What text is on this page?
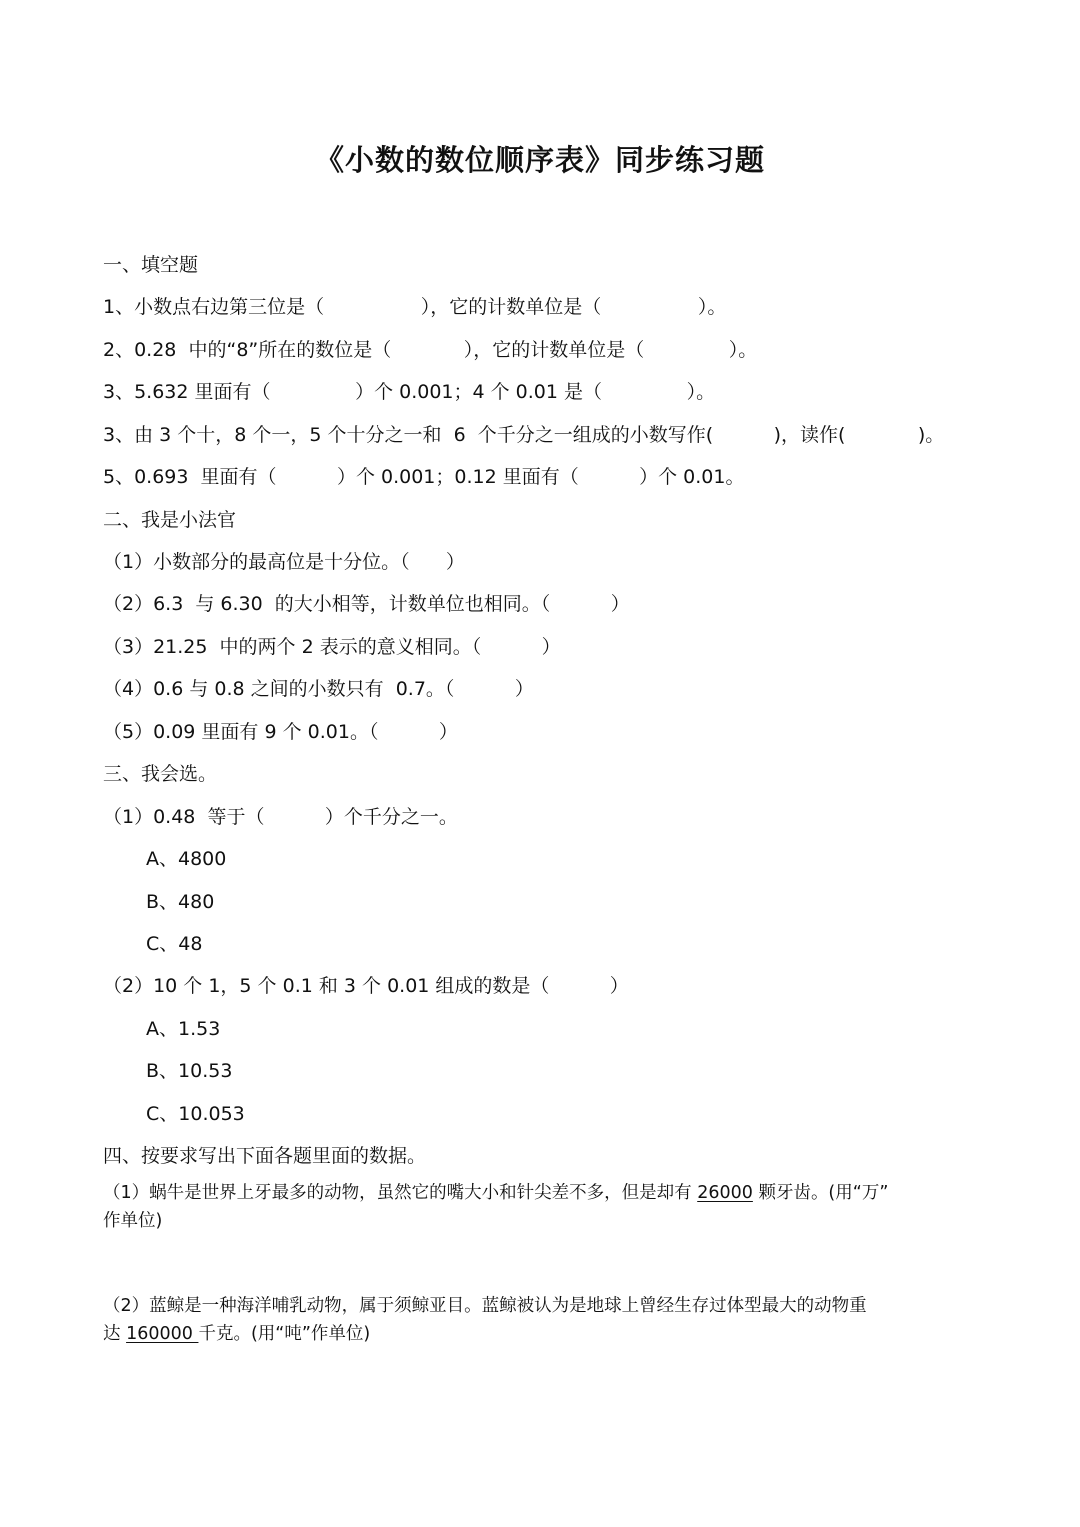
《小数的数位顺序表》同步练习题
一、填空题
1、小数点右边第三位是（                ），它的计数单位是（                ）。
2、0.28  中的“8”所在的数位是（            ），它的计数单位是（              ）。
3、5.632 里面有（              ）个 0.001；4 个 0.01 是（              ）。
3、由 3 个十，8 个一，5 个十分之一和  6  个千分之一组成的小数写作(          )，读作(            )。
5、0.693  里面有（          ）个 0.001；0.12 里面有（          ）个 0.01。
二、我是小法官
（1）小数部分的最高位是十分位。（      ）
（2）6.3  与 6.30  的大小相等，计数单位也相同。（          ）
（3）21.25  中的两个 2 表示的意义相同。（          ）
（4）0.6 与 0.8 之间的小数只有  0.7。（          ）
（5）0.09 里面有 9 个 0.01。（          ）
三、我会选。
（1）0.48  等于（          ）个千分之一。
A、4800
B、480
C、48
（2）10 个 1，5 个 0.1 和 3 个 0.01 组成的数是（          ）
A、1.53
B、10.53
C、10.053
四、按要求写出下面各题里面的数据。
（1）蜗牛是世界上牙最多的动物，虽然它的嘴大小和针尖差不多，但是却有 26000 颗牙齿。(用“万”
作单位)
（2）蓝鲸是一种海洋哺乳动物，属于须鲸亚目。蓝鲸被认为是地球上曾经生存过体型最大的动物重
达 160000 千克。(用“吨”作单位)
